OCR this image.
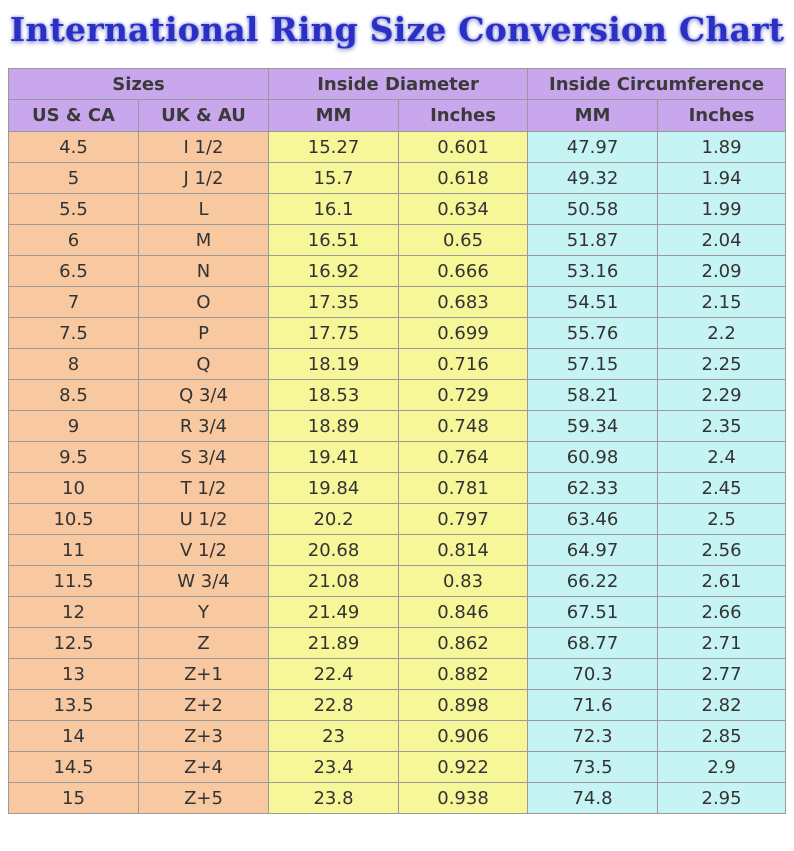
International Ring Size Conversion Chart
Sizes		Inside Diameter		Inside Circumference	
US & CA	UK & AU	MM	Inches	MM	Inches
4.5	I 1/2	15.27	0.601	47.97	1.89
5	J 1/2	15.7	0.618	49.32	1.94
5.5	L	16.1	0.634	50.58	1.99
6	M	16.51	0.65	51.87	2.04
6.5	N	16.92	0.666	53.16	2.09
7	O	17.35	0.683	54.51	2.15
7.5	P	17.75	0.699	55.76	2.2
8	Q	18.19	0.716	57.15	2.25
8.5	Q 3/4	18.53	0.729	58.21	2.29
9	R 3/4	18.89	0.748	59.34	2.35
9.5	S 3/4	19.41	0.764	60.98	2.4
10	T 1/2	19.84	0.781	62.33	2.45
10.5	U 1/2	20.2	0.797	63.46	2.5
11	V 1/2	20.68	0.814	64.97	2.56
11.5	W 3/4	21.08	0.83	66.22	2.61
12	Y	21.49	0.846	67.51	2.66
12.5	Z	21.89	0.862	68.77	2.71
13	Z+1	22.4	0.882	70.3	2.77
13.5	Z+2	22.8	0.898	71.6	2.82
14	Z+3	23	0.906	72.3	2.85
14.5	Z+4	23.4	0.922	73.5	2.9
15	Z+5	23.8	0.938	74.8	2.95
